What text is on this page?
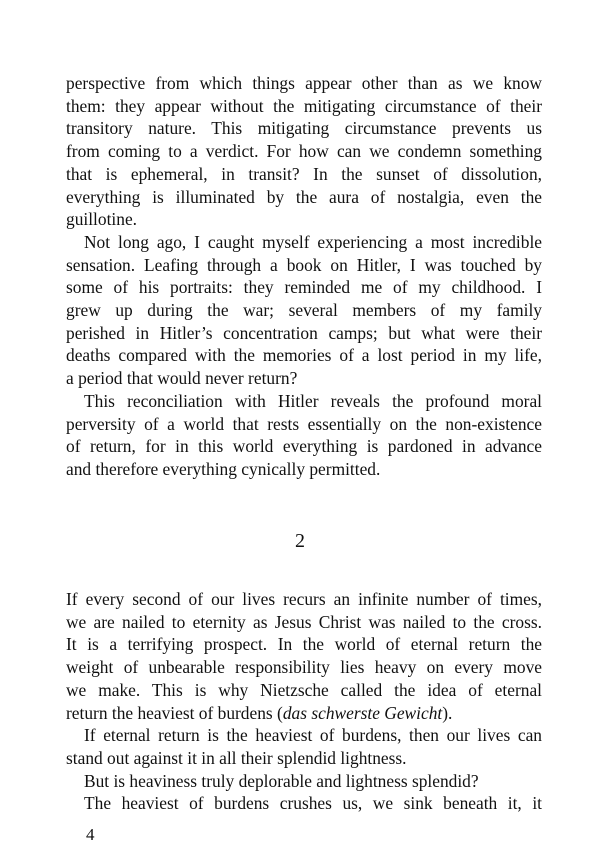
perspective from which things appear other than as we know
them: they appear without the mitigating circumstance of their
transitory nature. This mitigating circumstance prevents us
from coming to a verdict. For how can we condemn something
that is ephemeral, in transit? In the sunset of dissolution,
everything is illuminated by the aura of nostalgia, even the
guillotine.
Not long ago, I caught myself experiencing a most incredible
sensation. Leafing through a book on Hitler, I was touched by
some of his portraits: they reminded me of my childhood. I
grew up during the war; several members of my family
perished in Hitler’s concentration camps; but what were their
deaths compared with the memories of a lost period in my life,
a period that would never return?
This reconciliation with Hitler reveals the profound moral
perversity of a world that rests essentially on the non-existence
of return, for in this world everything is pardoned in advance
and therefore everything cynically permitted.
2
If every second of our lives recurs an infinite number of times,
we are nailed to eternity as Jesus Christ was nailed to the cross.
It is a terrifying prospect. In the world of eternal return the
weight of unbearable responsibility lies heavy on every move
we make. This is why Nietzsche called the idea of eternal
return the heaviest of burdens (das schwerste Gewicht).
If eternal return is the heaviest of burdens, then our lives can
stand out against it in all their splendid lightness.
But is heaviness truly deplorable and lightness splendid?
The heaviest of burdens crushes us, we sink beneath it, it
4
